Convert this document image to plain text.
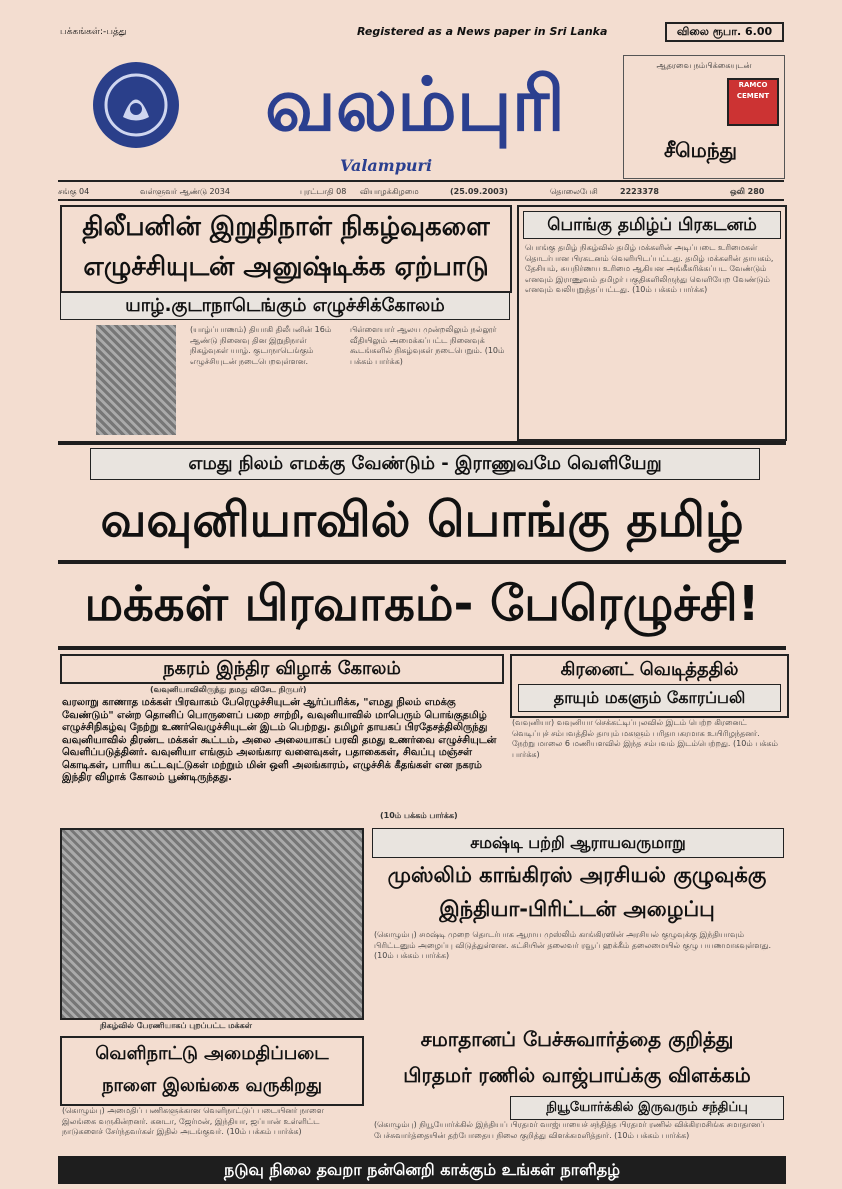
பக்கங்கள்:-பத்து	Registered as a News paper in Sri Lanka	விலை ரூபா. 6.00
வலம்புரி
Valampuri
ஆதரவை நம்பிக்கையுடன்
RAMCO CEMENT
சீமெந்து
சங்கு 04	வள்ளுவர் ஆண்டு 2034	புரட்டாதி 08 வியாழக்கிழமை	(25.09.2003)	தொலைபேசி	2223378	ஒலி 280
திலீபனின் இறுதிநாள் நிகழ்வுகளை
எழுச்சியுடன் அனுஷ்டிக்க ஏற்பாடு
யாழ்.குடாநாடெங்கும் எழுச்சிக்கோலம்
(யாழ்ப்பாணம்) தியாகி திலீபனின் 16ம் ஆண்டு நினைவு தின இறுதிநாள் நிகழ்வுகள் யாழ். குடாநாடெங்கும் எழுச்சியுடன் நடைபெறவுள்ளன.
பிள்ளையார் ஆலய முன்றலிலும் நல்லூர் வீதியிலும் அமைக்கப்பட்ட நினைவுக் கூடங்களில் நிகழ்வுகள் நடைபெறும். (10ம் பக்கம் பார்க்க)
பொங்கு தமிழ்ப் பிரகடனம்
பொங்கு தமிழ் நிகழ்வில் தமிழ் மக்களின் அடிப்படை உரிமைகள் தொடர்பான பிரகடனம் வெளியிடப்பட்டது. தமிழ் மக்களின் தாயகம், தேசியம், சுயநிர்ணய உரிமை ஆகியன அங்கீகரிக்கப்பட வேண்டும் எனவும் இராணுவம் தமிழர் பகுதிகளிலிருந்து வெளியேற வேண்டும் எனவும் வலியுறுத்தப்பட்டது. (10ம் பக்கம் பார்க்க)
எமது நிலம் எமக்கு வேண்டும் - இராணுவமே வெளியேறு
வவுனியாவில் பொங்கு தமிழ்
மக்கள் பிரவாகம்- பேரெழுச்சி!
நகரம் இந்திர விழாக் கோலம்
(வவுனியாவிலிருந்து நமது விசேட நிருபர்)
வரலாறு காணாத மக்கள் பிரவாகம் பேரெழுச்சியுடன் ஆர்ப்பரிக்க, "எமது நிலம் எமக்கு வேண்டும்" என்ற தொனிப் பொருளைப் பறை சாற்றி, வவுனியாவில் மாபெரும் பொங்குதமிழ் எழுச்சிநிகழ்வு நேற்று உணர்வெழுச்சியுடன் இடம் பெற்றது. தமிழர் தாயகப் பிரதேசத்திலிருந்து வவுனியாவில் திரண்ட மக்கள் கூட்டம், அலை அலையாகப் பரவி தமது உணர்வை எழுச்சியுடன் வெளிப்படுத்தினர். வவுனியா எங்கும் அலங்கார வளைவுகள், பதாகைகள், சிவப்பு மஞ்சள் கொடிகள், பாரிய கட்டவுட்டுகள் மற்றும் மின் ஒளி அலங்காரம், எழுச்சிக் கீதங்கள் என நகரம் இந்திர விழாக் கோலம் பூண்டிருந்தது.
(10ம் பக்கம் பார்க்க)
கிரனைட் வெடித்ததில்
தாயும் மகளும் கோரப்பலி
(வவுனியா) வவுனியா செக்கட்டிப்புலவில் இடம் பெற்ற கிரனைட் வெடிப்புச் சம்பவத்தில் தாயும் மகளும் பரிதாபகரமாக உயிரிழந்தனர். நேற்று மாலை 6 மணியளவில் இந்த சம்பவம் இடம்பெற்றது. (10ம் பக்கம் பார்க்க)
சமஷ்டி பற்றி ஆராயவருமாறு
முஸ்லிம் காங்கிரஸ் அரசியல் குழுவுக்கு
இந்தியா-பிரிட்டன் அழைப்பு
(கொழும்பு) சமஷ்டி முறை தொடர்பாக ஆராய முஸ்லிம் காங்கிரஸின் அரசியல் குழுவுக்கு இந்தியாவும் பிரிட்டனும் அழைப்பு விடுத்துள்ளன. கட்சியின் தலைவர் ரவூப் ஹக்கீம் தலைமையில் குழு பயணமாகவுள்ளது. (10ம் பக்கம் பார்க்க)
நிகழ்வில் பேரணியாகப் புறப்பட்ட மக்கள்
வெளிநாட்டு அமைதிப்படை
நாளை இலங்கை வருகிறது
(கொழும்பு) அமைதிப் பணிகளுக்கான வெளிநாட்டுப் படையினர் நாளை இலங்கை வருகின்றனர். கனடா, ஜேர்மன், இந்தியா, ஜப்பான் உள்ளிட்ட நாடுகளைச் சேர்ந்தவர்கள் இதில் அடங்குவர். (10ம் பக்கம் பார்க்க)
சமாதானப் பேச்சுவார்த்தை குறித்து
பிரதமர் ரணில் வாஜ்பாய்க்கு விளக்கம்
நியூயோர்க்கில் இருவரும் சந்திப்பு
(கொழும்பு) நியூயோர்க்கில் இந்தியப் பிரதமர் வாஜ்பாயைச் சந்தித்த பிரதமர் ரணில் விக்கிரமசிங்க சமாதானப் பேச்சுவார்த்தையின் தற்போதைய நிலை குறித்து விளக்கமளித்தார். (10ம் பக்கம் பார்க்க)
நடுவு நிலை தவறா நன்னெறி காக்கும் உங்கள் நாளிதழ்
